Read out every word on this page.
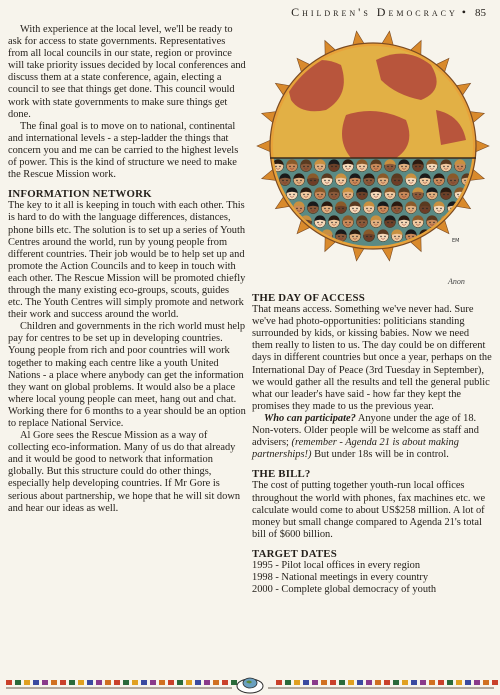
Children's Democracy • 85

With experience at the local level, we'll be ready to ask for access to state governments. Representatives from all local councils in our state, region or province will take priority issues decided by local conferences and discuss them at a state conference, again, electing a council to see that things get done. This council would work with state governments to make sure things get done.

The final goal is to move on to national, continental and international levels - a step-ladder the things that concern you and me can be carried to the highest levels of power. This is the kind of structure we need to make the Rescue Mission work.

INFORMATION NETWORK

The key to it all is keeping in touch with each other. This is hard to do with the language differences, distances, phone bills etc. The solution is to set up a series of Youth Centres around the world, run by young people from different countries. Their job would be to help set up and promote the Action Councils and to keep in touch with each other. The Rescue Mission will be promoted chiefly through the many existing eco-groups, scouts, guides etc. The Youth Centres will simply promote and network their work and success around the world.

Children and governments in the rich world must help pay for centres to be set up in developing countries. Young people from rich and poor countries will work together to making each centre like a youth United Nations - a place where anybody can get the information they want on global problems. It would also be a place where local young people can meet, hang out and chat. Working there for 6 months to a year should be an option to replace National Service.

Al Gore sees the Rescue Mission as a way of collecting eco-information. Many of us do that already and it would be good to network that information globally. But this structure could do other things, especially help developing countries. If Mr Gore is serious about partnership, we hope that he will sit down and hear our ideas as well.

EM
Anon
THE DAY OF ACCESS

That means access. Something we've never had. Sure we've had photo-opportunities: politicians standing surrounded by kids, or kissing babies. Now we need them really to listen to us. The day could be on different days in different countries but once a year, perhaps on the International Day of Peace (3rd Tuesday in September), we would gather all the results and tell the general public what our leader's have said - how far they kept the promises they made to us the previous year.

Who can participate? Anyone under the age of 18. Non-voters. Older people will be welcome as staff and advisers; (remember - Agenda 21 is about making partnerships!) But under 18s will be in control.

THE BILL?

The cost of putting together youth-run local offices throughout the world with phones, fax machines etc. we calculate would come to about US$258 million. A lot of money but small change compared to Agenda 21's total bill of $600 billion.

TARGET DATES
1995 - Pilot local offices in every region
1998 - National meetings in every country
2000 - Complete global democracy of youth
